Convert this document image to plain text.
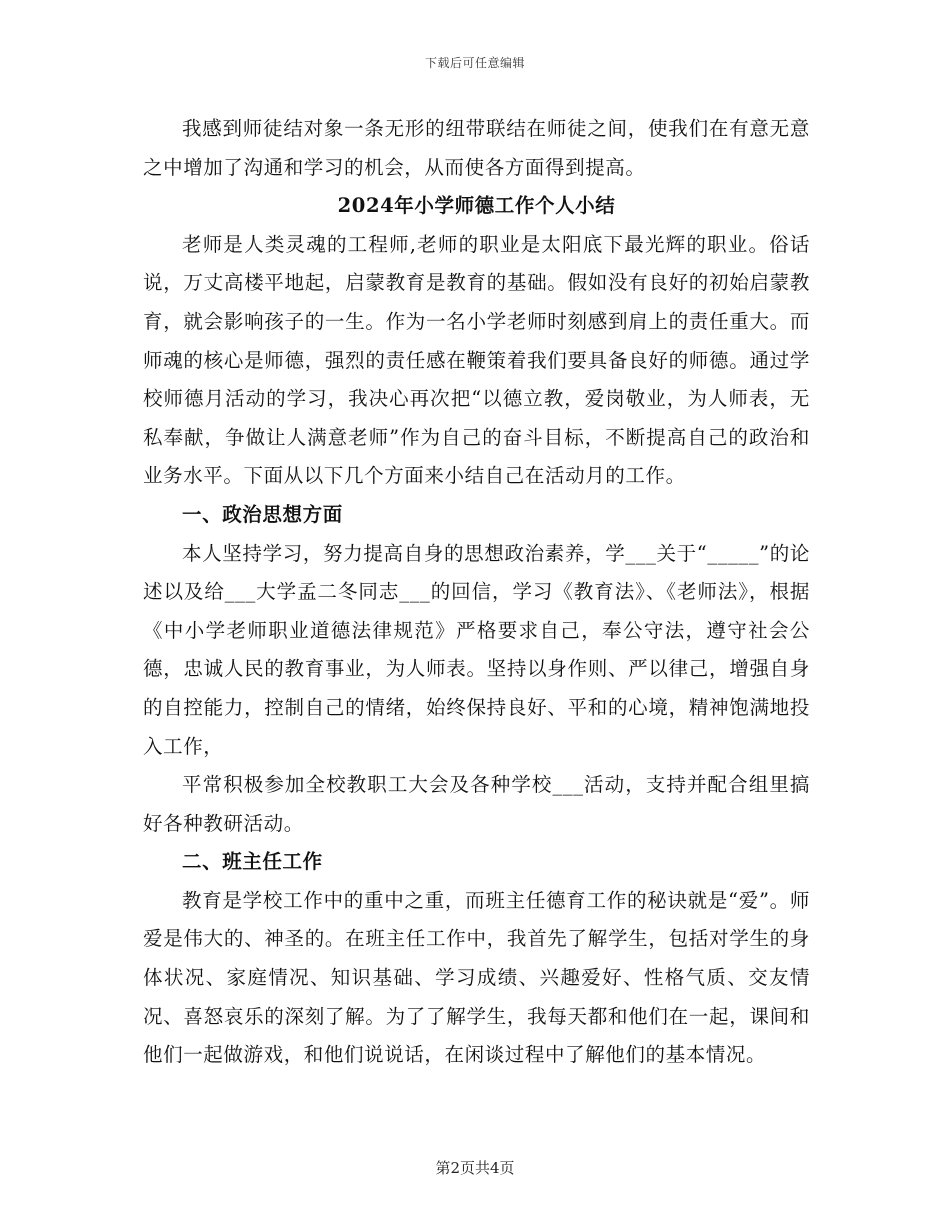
下载后可任意编辑

我感到师徒结对象一条无形的纽带联结在师徒之间，使我们在有意无意之中增加了沟通和学习的机会，从而使各方面得到提高。

2024年小学师德工作个人小结

老师是人类灵魂的工程师,老师的职业是太阳底下最光辉的职业。俗话说，万丈高楼平地起，启蒙教育是教育的基础。假如没有良好的初始启蒙教育，就会影响孩子的一生。作为一名小学老师时刻感到肩上的责任重大。而师魂的核心是师德，强烈的责任感在鞭策着我们要具备良好的师德。通过学校师德月活动的学习，我决心再次把“以德立教，爱岗敬业，为人师表，无私奉献，争做让人满意老师”作为自己的奋斗目标，不断提高自己的政治和业务水平。下面从以下几个方面来小结自己在活动月的工作。

一、政治思想方面

本人坚持学习，努力提高自身的思想政治素养，学___关于“_____”的论述以及给___大学孟二冬同志___的回信，学习《教育法》、《老师法》，根据《中小学老师职业道德法律规范》严格要求自己，奉公守法，遵守社会公德，忠诚人民的教育事业，为人师表。坚持以身作则、严以律己，增强自身的自控能力，控制自己的情绪，始终保持良好、平和的心境，精神饱满地投入工作，

平常积极参加全校教职工大会及各种学校___活动，支持并配合组里搞好各种教研活动。

二、班主任工作

教育是学校工作中的重中之重，而班主任德育工作的秘诀就是“爱”。师爱是伟大的、神圣的。在班主任工作中，我首先了解学生，包括对学生的身体状况、家庭情况、知识基础、学习成绩、兴趣爱好、性格气质、交友情况、喜怒哀乐的深刻了解。为了了解学生，我每天都和他们在一起，课间和他们一起做游戏，和他们说说话，在闲谈过程中了解他们的基本情况。

第2页共4页
